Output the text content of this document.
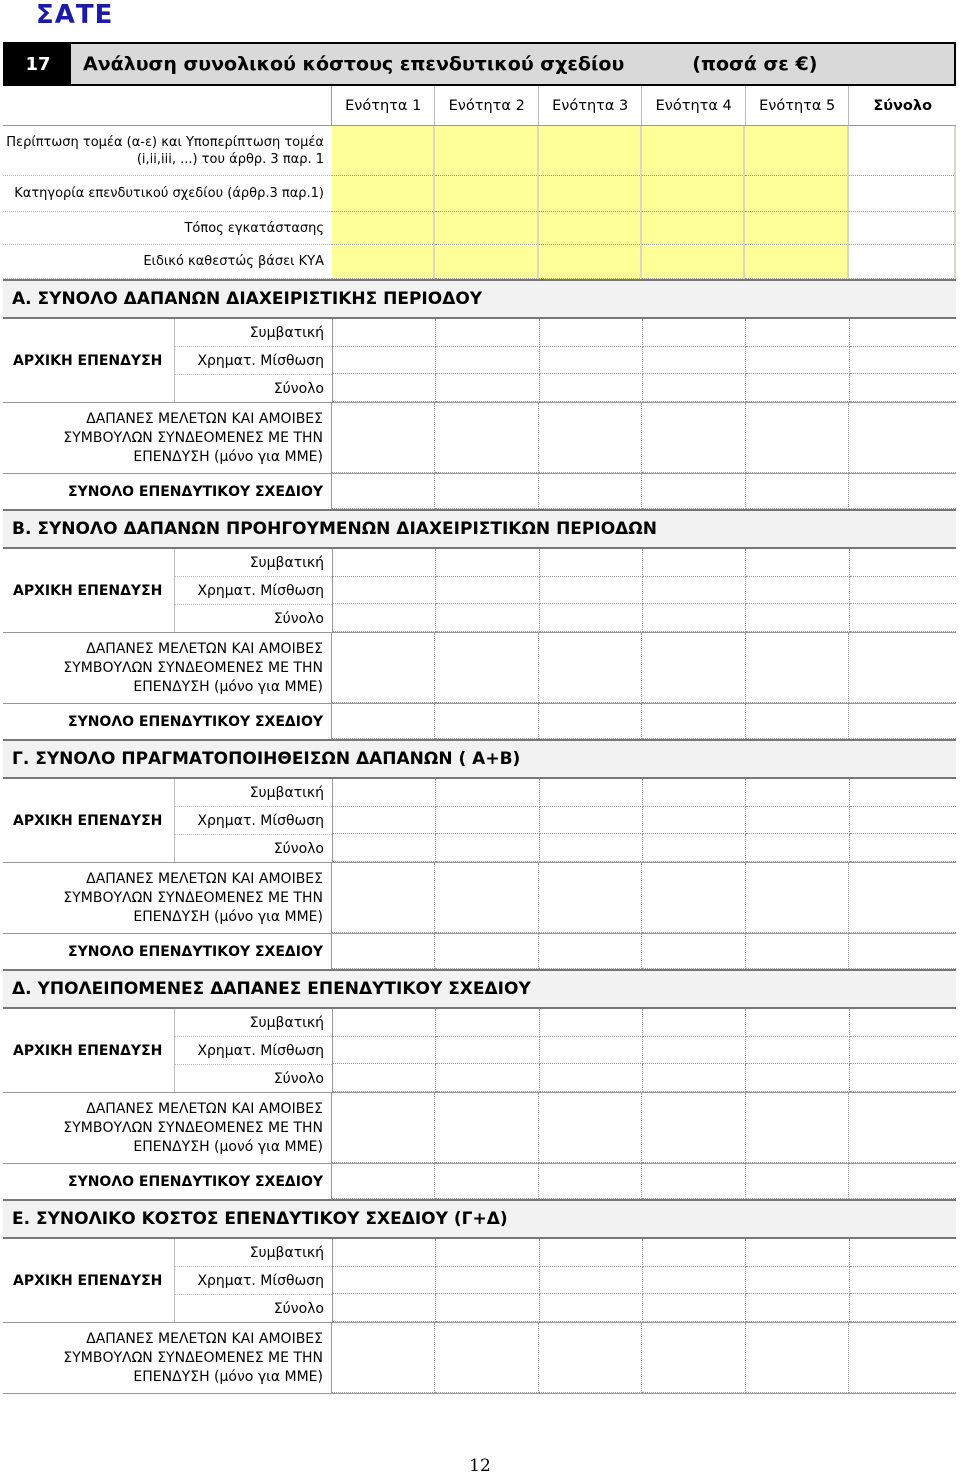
ΣΑΤΕ
17	Ανάλυση συνολικού κόστους επενδυτικού σχεδίου	(ποσά σε €)
Ενότητα 1	Ενότητα 2	Ενότητα 3	Ενότητα 4	Ενότητα 5	Σύνολο
Περίπτωση τομέα (α-ε) και Υποπερίπτωση τομέα (i,ii,iii, ...) του άρθρ. 3 παρ. 1
Κατηγορία επενδυτικού σχεδίου (άρθρ.3 παρ.1)
Τόπος εγκατάστασης
Ειδικό καθεστώς βάσει ΚΥΑ
Α. ΣΥΝΟΛΟ ΔΑΠΑΝΩΝ ΔΙΑΧΕΙΡΙΣΤΙΚΗΣ ΠΕΡΙΟΔΟΥ
ΑΡΧΙΚΗ ΕΠΕΝΔΥΣΗ
Συμβατική
Χρηματ. Μίσθωση
Σύνολο
ΔΑΠΑΝΕΣ ΜΕΛΕΤΩΝ ΚΑΙ ΑΜΟΙΒΕΣ ΣΥΜΒΟΥΛΩΝ ΣΥΝΔΕΟΜΕΝΕΣ ΜΕ ΤΗΝ ΕΠΕΝΔΥΣΗ (μόνο για ΜΜΕ)
ΣΥΝΟΛΟ ΕΠΕΝΔΥΤΙΚΟΥ ΣΧΕΔΙΟΥ
Β. ΣΥΝΟΛΟ ΔΑΠΑΝΩΝ ΠΡΟΗΓΟΥΜΕΝΩΝ ΔΙΑΧΕΙΡΙΣΤΙΚΩΝ ΠΕΡΙΟΔΩΝ
ΑΡΧΙΚΗ ΕΠΕΝΔΥΣΗ
Συμβατική
Χρηματ. Μίσθωση
Σύνολο
ΔΑΠΑΝΕΣ ΜΕΛΕΤΩΝ ΚΑΙ ΑΜΟΙΒΕΣ ΣΥΜΒΟΥΛΩΝ ΣΥΝΔΕΟΜΕΝΕΣ ΜΕ ΤΗΝ ΕΠΕΝΔΥΣΗ (μόνο για ΜΜΕ)
ΣΥΝΟΛΟ ΕΠΕΝΔΥΤΙΚΟΥ ΣΧΕΔΙΟΥ
Γ. ΣΥΝΟΛΟ ΠΡΑΓΜΑΤΟΠΟΙΗΘΕΙΣΩΝ ΔΑΠΑΝΩΝ ( Α+Β)
ΑΡΧΙΚΗ ΕΠΕΝΔΥΣΗ
Συμβατική
Χρηματ. Μίσθωση
Σύνολο
ΔΑΠΑΝΕΣ ΜΕΛΕΤΩΝ ΚΑΙ ΑΜΟΙΒΕΣ ΣΥΜΒΟΥΛΩΝ ΣΥΝΔΕΟΜΕΝΕΣ ΜΕ ΤΗΝ ΕΠΕΝΔΥΣΗ (μόνο για ΜΜΕ)
ΣΥΝΟΛΟ ΕΠΕΝΔΥΤΙΚΟΥ ΣΧΕΔΙΟΥ
Δ. ΥΠΟΛΕΙΠΟΜΕΝΕΣ ΔΑΠΑΝΕΣ ΕΠΕΝΔΥΤΙΚΟΥ ΣΧΕΔΙΟΥ
ΑΡΧΙΚΗ ΕΠΕΝΔΥΣΗ
Συμβατική
Χρηματ. Μίσθωση
Σύνολο
ΔΑΠΑΝΕΣ ΜΕΛΕΤΩΝ ΚΑΙ ΑΜΟΙΒΕΣ ΣΥΜΒΟΥΛΩΝ ΣΥΝΔΕΟΜΕΝΕΣ ΜΕ ΤΗΝ ΕΠΕΝΔΥΣΗ (μονό για ΜΜΕ)
ΣΥΝΟΛΟ ΕΠΕΝΔΥΤΙΚΟΥ ΣΧΕΔΙΟΥ
Ε. ΣΥΝΟΛΙΚΟ ΚΟΣΤΟΣ ΕΠΕΝΔΥΤΙΚΟΥ ΣΧΕΔΙΟΥ (Γ+Δ)
ΑΡΧΙΚΗ ΕΠΕΝΔΥΣΗ
Συμβατική
Χρηματ. Μίσθωση
Σύνολο
ΔΑΠΑΝΕΣ ΜΕΛΕΤΩΝ ΚΑΙ ΑΜΟΙΒΕΣ ΣΥΜΒΟΥΛΩΝ ΣΥΝΔΕΟΜΕΝΕΣ ΜΕ ΤΗΝ ΕΠΕΝΔΥΣΗ (μόνο για ΜΜΕ)
12
